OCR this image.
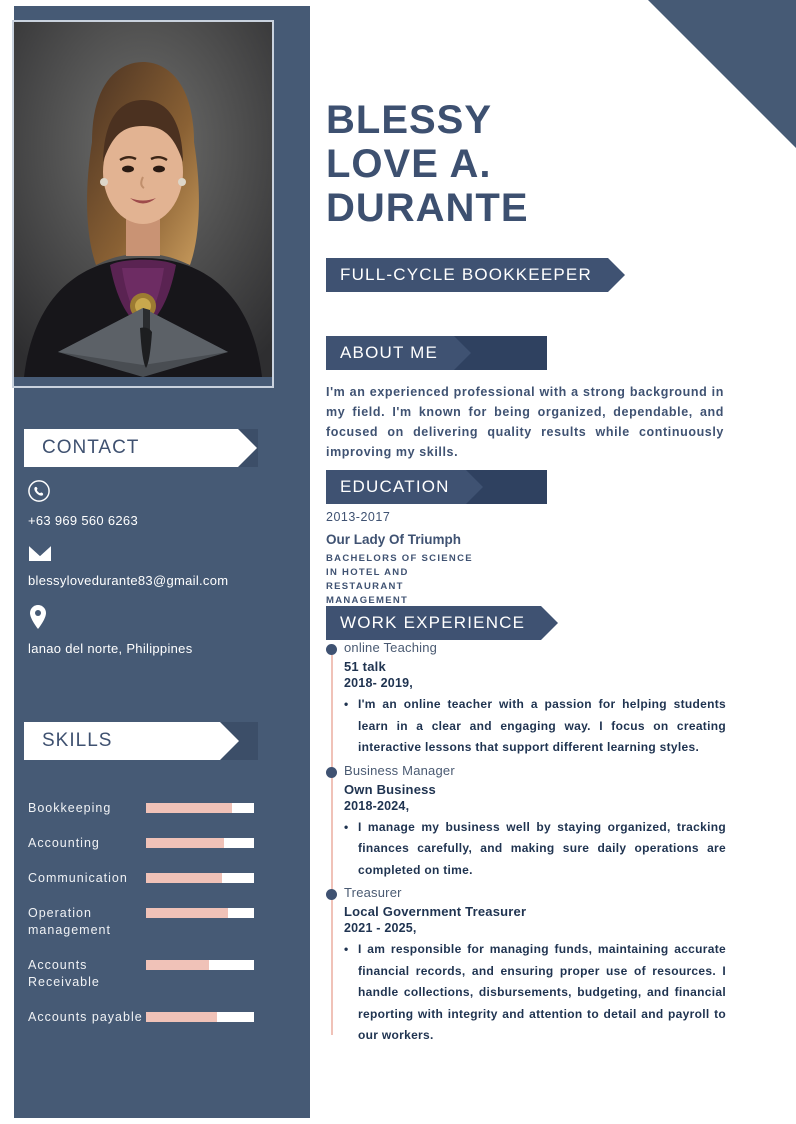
CONTACT
+63 969 560 6263
blessylovedurante83@gmail.com
lanao del norte, Philippines
SKILLS
Bookkeeping
Accounting
Communication
Operation management
Accounts Receivable
Accounts payable
BLESSY
LOVE A.
DURANTE
FULL-CYCLE BOOKKEEPER
ABOUT ME
I'm an experienced professional with a strong background in my field. I'm known for being organized, dependable, and focused on delivering quality results while continuously improving my skills.
EDUCATION
2013-2017
Our Lady Of Triumph
BACHELORS OF SCIENCE IN HOTEL AND RESTAURANT MANAGEMENT
WORK EXPERIENCE
online Teaching
51 talk
2018- 2019,
• I'm an online teacher with a passion for helping students learn in a clear and engaging way. I focus on creating interactive lessons that support different learning styles.
Business Manager
Own Business
2018-2024,
• I manage my business well by staying organized, tracking finances carefully, and making sure daily operations are completed on time.
Treasurer
Local Government Treasurer
2021 - 2025,
• I am responsible for managing funds, maintaining accurate financial records, and ensuring proper use of resources. I handle collections, disbursements, budgeting, and financial reporting with integrity and attention to detail and payroll to our workers.
